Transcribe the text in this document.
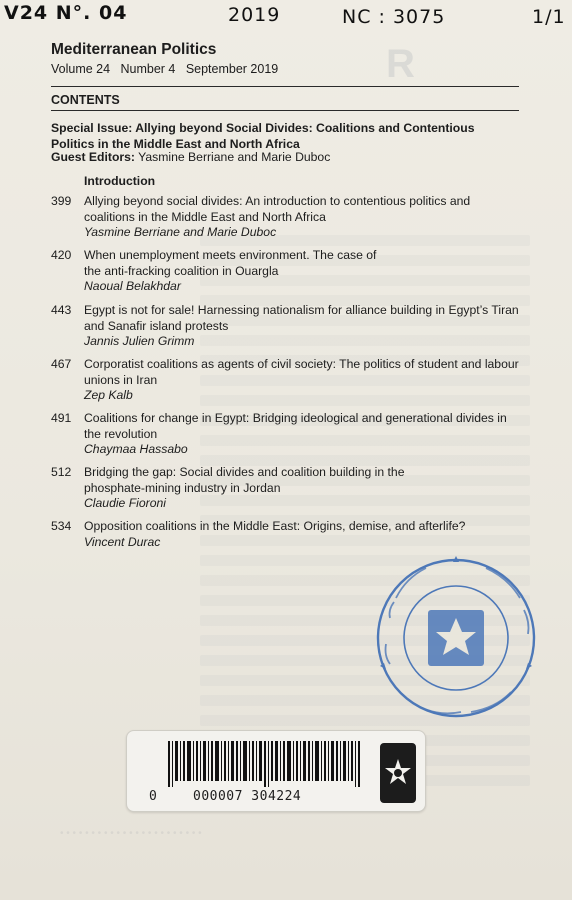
R
V24 N°. 04	2019	NC : 3075	1/1
Mediterranean Politics
Volume 24 Number 4 September 2019
CONTENTS
Special Issue: Allying beyond Social Divides: Coalitions and Contentious Politics in the Middle East and North Africa
Guest Editors: Yasmine Berriane and Marie Duboc
Introduction
399	Allying beyond social divides: An introduction to contentious politics and coalitions in the Middle East and North Africa
Yasmine Berriane and Marie Duboc
420	When unemployment meets environment. The case of the anti-fracking coalition in Ouargla
Naoual Belakhdar
443	Egypt is not for sale! Harnessing nationalism for alliance building in Egypt’s Tiran and Sanafir island protests
Jannis Julien Grimm
467	Corporatist coalitions as agents of civil society: The politics of student and labour unions in Iran
Zep Kalb
491	Coalitions for change in Egypt: Bridging ideological and generational divides in the revolution
Chaymaa Hassabo
512	Bridging the gap: Social divides and coalition building in the phosphate-mining industry in Jordan
Claudie Fioroni
534	Opposition coalitions in the Middle East: Origins, demise, and afterlife?
Vincent Durac
0	000007 304224
• • • • • • • • • • • • • • • • • • • • • • •
